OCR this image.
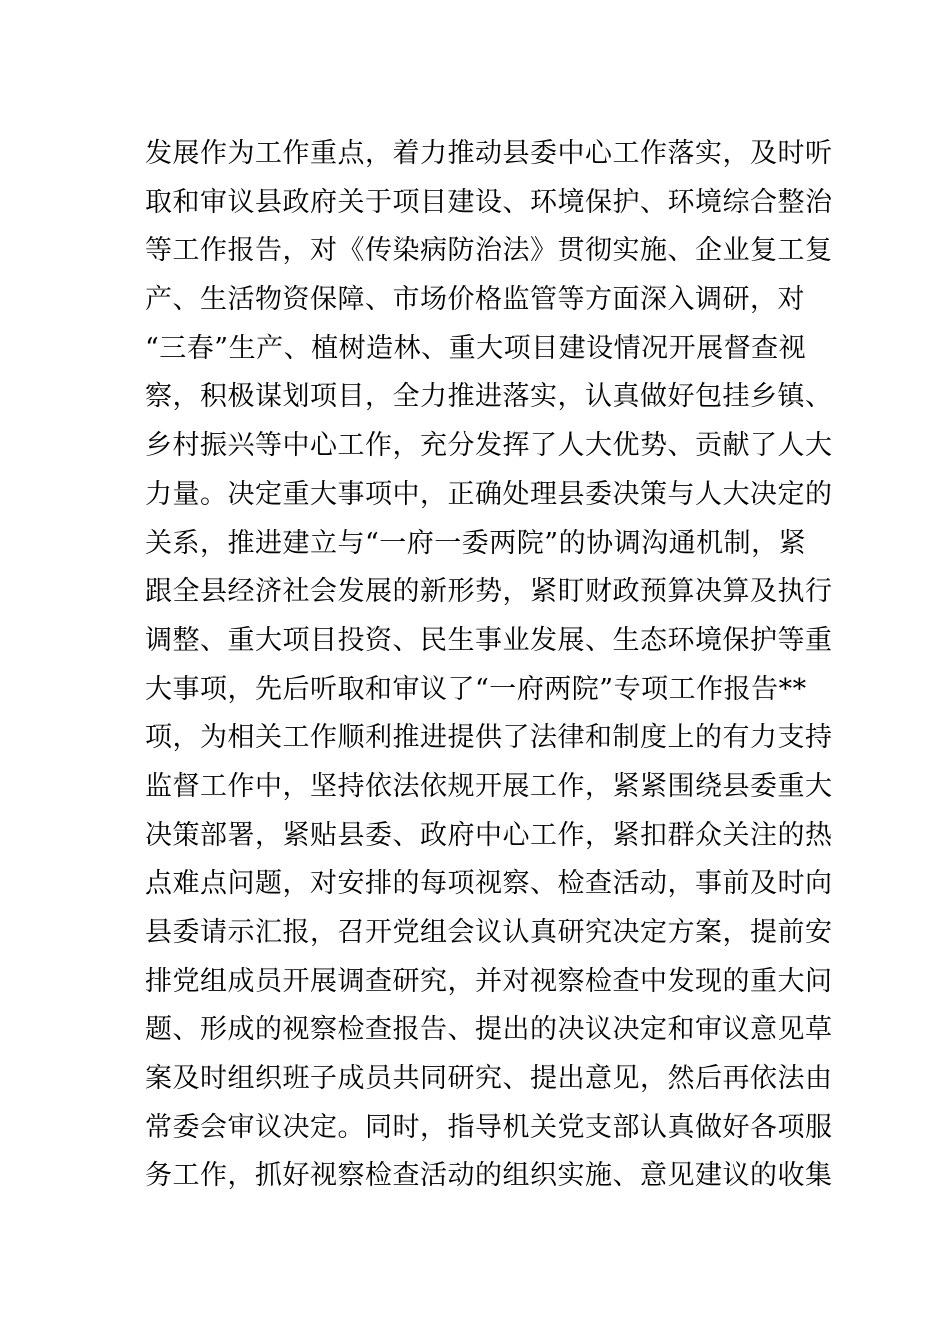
发展作为工作重点，着力推动县委中心工作落实，及时听
取和审议县政府关于项目建设、环境保护、环境综合整治
等工作报告，对《传染病防治法》贯彻实施、企业复工复
产、生活物资保障、市场价格监管等方面深入调研，对
“三春”生产、植树造林、重大项目建设情况开展督查视
察，积极谋划项目，全力推进落实，认真做好包挂乡镇、
乡村振兴等中心工作，充分发挥了人大优势、贡献了人大
力量。决定重大事项中，正确处理县委决策与人大决定的
关系，推进建立与“一府一委两院”的协调沟通机制，紧
跟全县经济社会发展的新形势，紧盯财政预算决算及执行
调整、重大项目投资、民生事业发展、生态环境保护等重
大事项，先后听取和审议了“一府两院”专项工作报告**
项，为相关工作顺利推进提供了法律和制度上的有力支持
监督工作中，坚持依法依规开展工作，紧紧围绕县委重大
决策部署，紧贴县委、政府中心工作，紧扣群众关注的热
点难点问题，对安排的每项视察、检查活动，事前及时向
县委请示汇报，召开党组会议认真研究决定方案，提前安
排党组成员开展调查研究，并对视察检查中发现的重大问
题、形成的视察检查报告、提出的决议决定和审议意见草
案及时组织班子成员共同研究、提出意见，然后再依法由
常委会审议决定。同时，指导机关党支部认真做好各项服
务工作，抓好视察检查活动的组织实施、意见建议的收集
